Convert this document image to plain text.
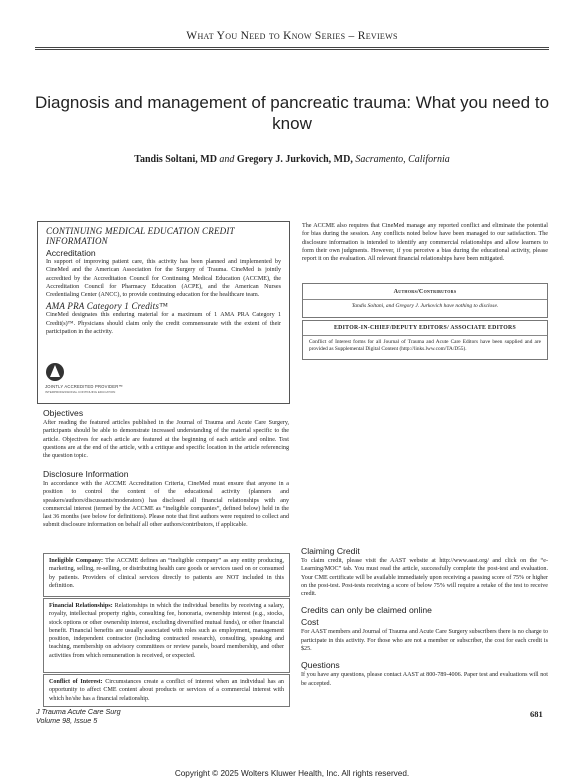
What You Need to Know Series – Reviews
Diagnosis and management of pancreatic trauma: What you need to know
Tandis Soltani, MD and Gregory J. Jurkovich, MD, Sacramento, California

CONTINUING MEDICAL EDUCATION CREDIT INFORMATION

Accreditation

In support of improving patient care, this activity has been planned and implemented by CineMed and the American Association for the Surgery of Trauma. CineMed is jointly accredited by the Accreditation Council for Continuing Medical Education (ACCME), the Accreditation Council for Pharmacy Education (ACPE), and the American Nurses Credentialing Center (ANCC), to provide continuing education for the healthcare team.

AMA PRA Category 1 Credits™

CineMed designates this enduring material for a maximum of 1 AMA PRA Category 1 Credit(s)™. Physicians should claim only the credit commensurate with the extent of their participation in the activity.

JOINTLY ACCREDITED PROVIDER™
INTERPROFESSIONAL CONTINUING EDUCATION

The ACCME also requires that CineMed manage any reported conflict and eliminate the potential for bias during the session. Any conflicts noted below have been managed to our satisfaction. The disclosure information is intended to identify any commercial relationships and allow learners to form their own judgments. However, if you perceive a bias during the educational activity, please report it on the evaluation. All relevant financial relationships have been mitigated.

Authors/Contributors
Tandis Soltani, and Gregory J. Jurkovich have nothing to disclose.
EDITOR-IN-CHIEF/DEPUTY EDITORS/ ASSOCIATE EDITORS
Conflict of Interest forms for all Journal of Trauma and Acute Care Editors have been supplied and are provided as Supplemental Digital Content (http://links.lww.com/TA/D55).

Objectives

After reading the featured articles published in the Journal of Trauma and Acute Care Surgery, participants should be able to demonstrate increased understanding of the material specific to the article. Objectives for each article are featured at the beginning of each article and online. Test questions are at the end of the article, with a critique and specific location in the article referencing the question topic.

Disclosure Information

In accordance with the ACCME Accreditation Criteria, CineMed must ensure that anyone in a position to control the content of the educational activity (planners and speakers/authors/discussants/moderators) has disclosed all financial relationships with any commercial interest (termed by the ACCME as “ineligible companies”, defined below) held in the last 36 months (see below for definitions). Please note that first authors were required to collect and submit disclosure information on behalf all other authors/contributors, if applicable.

Ineligible Company: The ACCME defines an “ineligible company” as any entity producing, marketing, selling, re-selling, or distributing health care goods or services used on or consumed by patients. Providers of clinical services directly to patients are NOT included in this definition.

Financial Relationships: Relationships in which the individual benefits by receiving a salary, royalty, intellectual property rights, consulting fee, honoraria, ownership interest (e.g., stocks, stock options or other ownership interest, excluding diversified mutual funds), or other financial benefit. Financial benefits are usually associated with roles such as employment, management position, independent contractor (including contracted research), consulting, speaking and teaching, membership on advisory committees or review panels, board membership, and other activities from which remuneration is received, or expected.

Conflict of Interest: Circumstances create a conflict of interest when an individual has an opportunity to affect CME content about products or services of a commercial interest with which he/she has a financial relationship.

Claiming Credit

To claim credit, please visit the AAST website at http://www.aast.org/ and click on the “e-Learning/MOC” tab. You must read the article, successfully complete the post-test and evaluation. Your CME certificate will be available immediately upon receiving a passing score of 75% or higher on the post-test. Post-tests receiving a score of below 75% will require a retake of the test to receive credit.

Credits can only be claimed online

Cost

For AAST members and Journal of Trauma and Acute Care Surgery subscribers there is no charge to participate in this activity. For those who are not a member or subscriber, the cost for each credit is $25.

Questions

If you have any questions, please contact AAST at 800-789-4006. Paper test and evaluations will not be accepted.

J Trauma Acute Care Surg
Volume 98, Issue 5
681
Copyright © 2025 Wolters Kluwer Health, Inc. All rights reserved.
